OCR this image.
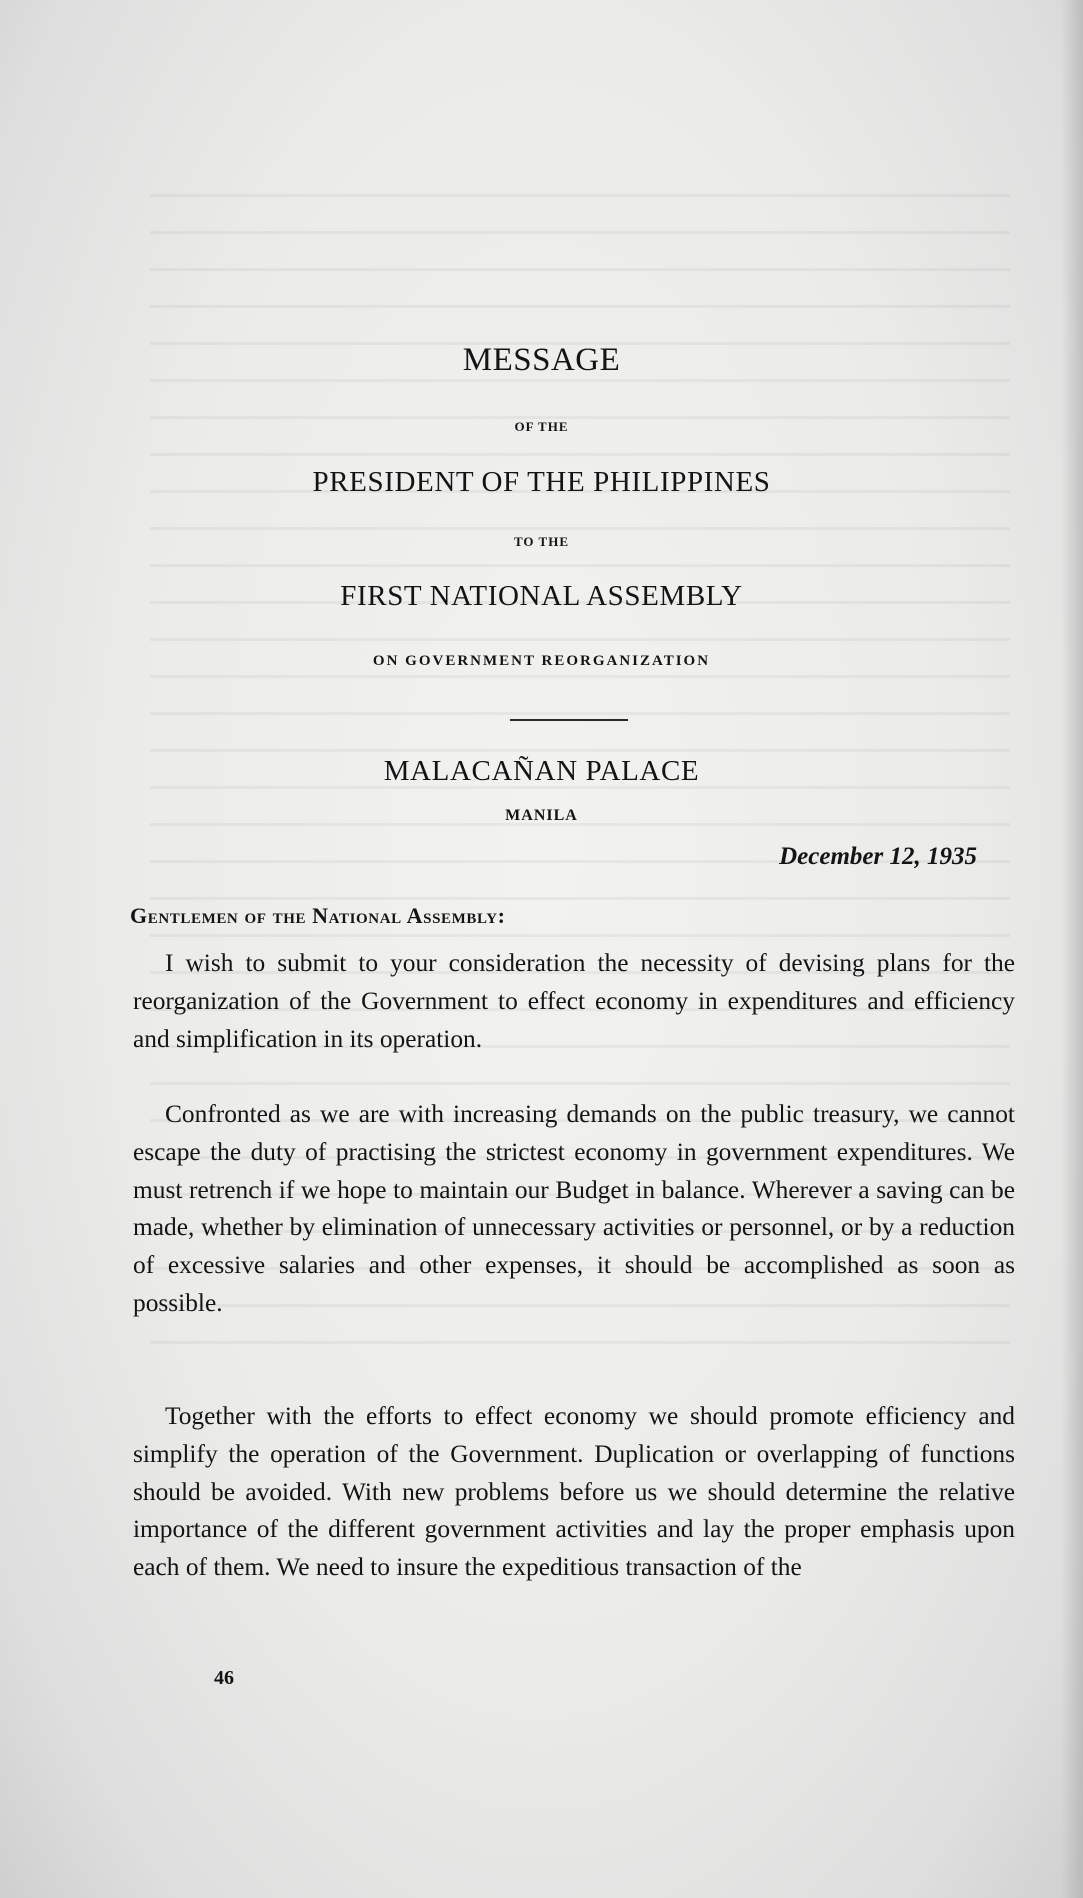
MESSAGE

OF THE

PRESIDENT OF THE PHILIPPINES

TO THE

FIRST NATIONAL ASSEMBLY

ON GOVERNMENT REORGANIZATION

MALACAÑAN PALACE

MANILA

December 12, 1935

Gentlemen of the National Assembly:

I wish to submit to your consideration the necessity of devising plans for the reorganization of the Government to effect economy in expenditures and efficiency and simplification in its operation.

Confronted as we are with increasing demands on the public treasury, we cannot escape the duty of practising the strictest economy in government expenditures. We must retrench if we hope to maintain our Budget in balance. Wherever a saving can be made, whether by elimination of unnecessary activities or personnel, or by a reduction of excessive salaries and other expenses, it should be accomplished as soon as possible.

Together with the efforts to effect economy we should promote efficiency and simplify the operation of the Government. Duplication or overlapping of functions should be avoided. With new problems before us we should determine the relative importance of the different government activities and lay the proper emphasis upon each of them. We need to insure the expeditious transaction of the

46
